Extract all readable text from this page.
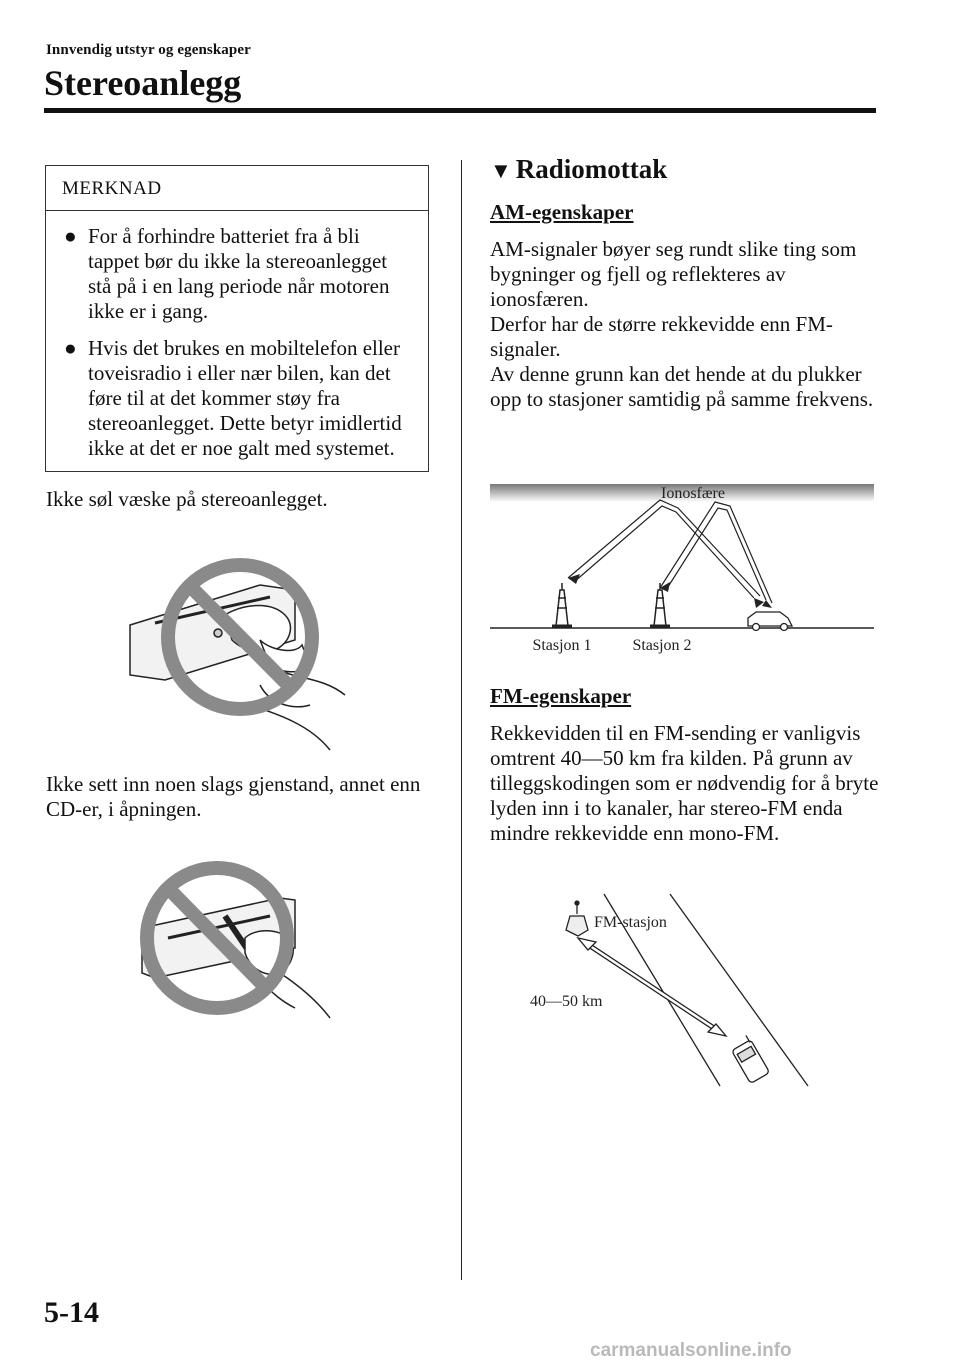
Innvendig utstyr og egenskaper
Stereoanlegg
MERKNAD
● For å forhindre batteriet fra å bli tappet bør du ikke la stereoanlegget stå på i en lang periode når motoren ikke er i gang.
● Hvis det brukes en mobiltelefon eller toveisradio i eller nær bilen, kan det føre til at det kommer støy fra stereoanlegget. Dette betyr imidlertid ikke at det er noe galt med systemet.
Ikke søl væske på stereoanlegget.
Ikke sett inn noen slags gjenstand, annet enn CD-er, i åpningen.
▼ Radiomottak
AM-egenskaper
AM-signaler bøyer seg rundt slike ting som bygninger og fjell og reflekteres av ionosfæren.
Derfor har de større rekkevidde enn FM-signaler.
Av denne grunn kan det hende at du plukker opp to stasjoner samtidig på samme frekvens.
Ionosfære
Stasjon 1	Stasjon 2
FM-egenskaper
Rekkevidden til en FM-sending er vanligvis omtrent 40―50 km fra kilden. På grunn av tilleggskodingen som er nødvendig for å bryte lyden inn i to kanaler, har stereo-FM enda mindre rekkevidde enn mono-FM.
FM-stasjon
40―50 km
5-14
carmanualsonline.info
